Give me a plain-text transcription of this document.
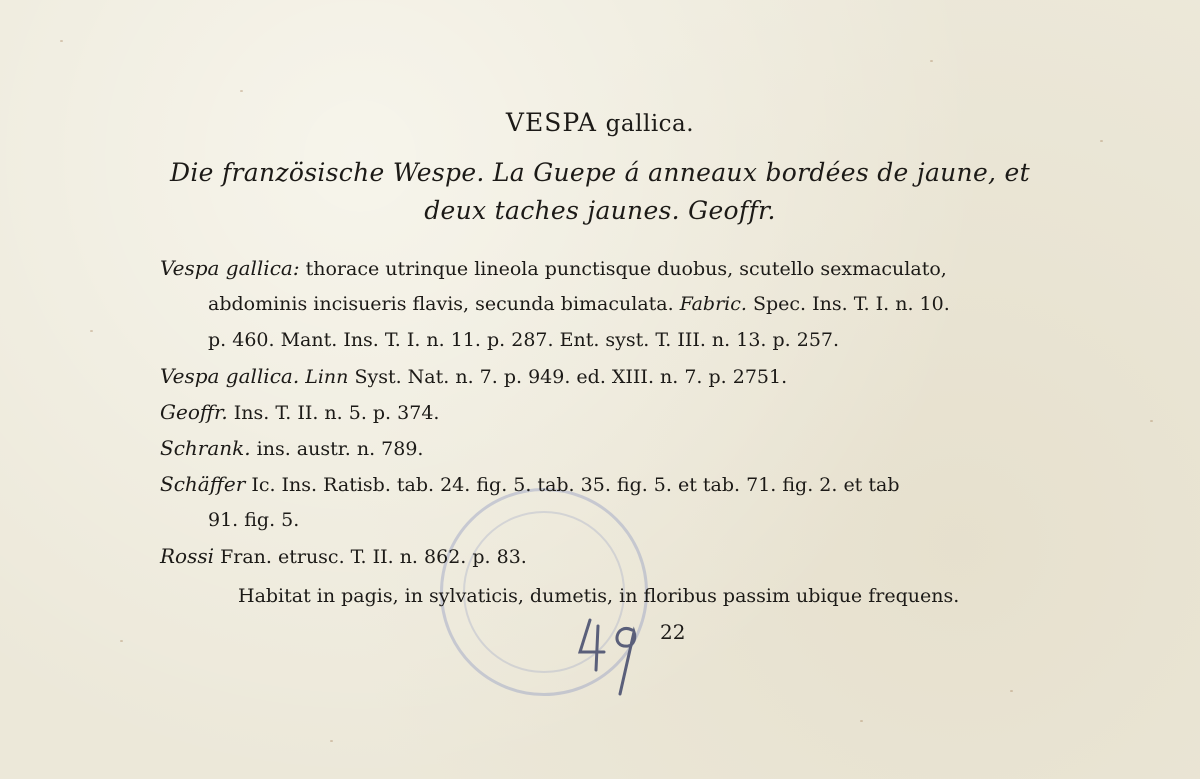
VESPA gallica.
Die französische Wespe. La Guepe á anneaux bordées de jaune, et
deux taches jaunes. Geoffr.
Vespa gallica: thorace utrinque lineola punctisque duobus, scutello sexmaculato,
abdominis incisueris flavis, secunda bimaculata. Fabric. Spec. Ins. T. I. n. 10.
p. 460. Mant. Ins. T. I. n. 11. p. 287. Ent. syst. T. III. n. 13. p. 257.
Vespa gallica. Linn Syst. Nat. n. 7. p. 949. ed. XIII. n. 7. p. 2751.
Geoffr. Ins. T. II. n. 5. p. 374.
Schrank. ins. austr. n. 789.
Schäffer Ic. Ins. Ratisb. tab. 24. fig. 5. tab. 35. fig. 5. et tab. 71. fig. 2. et tab
91. fig. 5.
Rossi Fran. etrusc. T. II. n. 862. p. 83.
Habitat in pagis, in sylvaticis, dumetis, in floribus passim ubique frequens.
22
